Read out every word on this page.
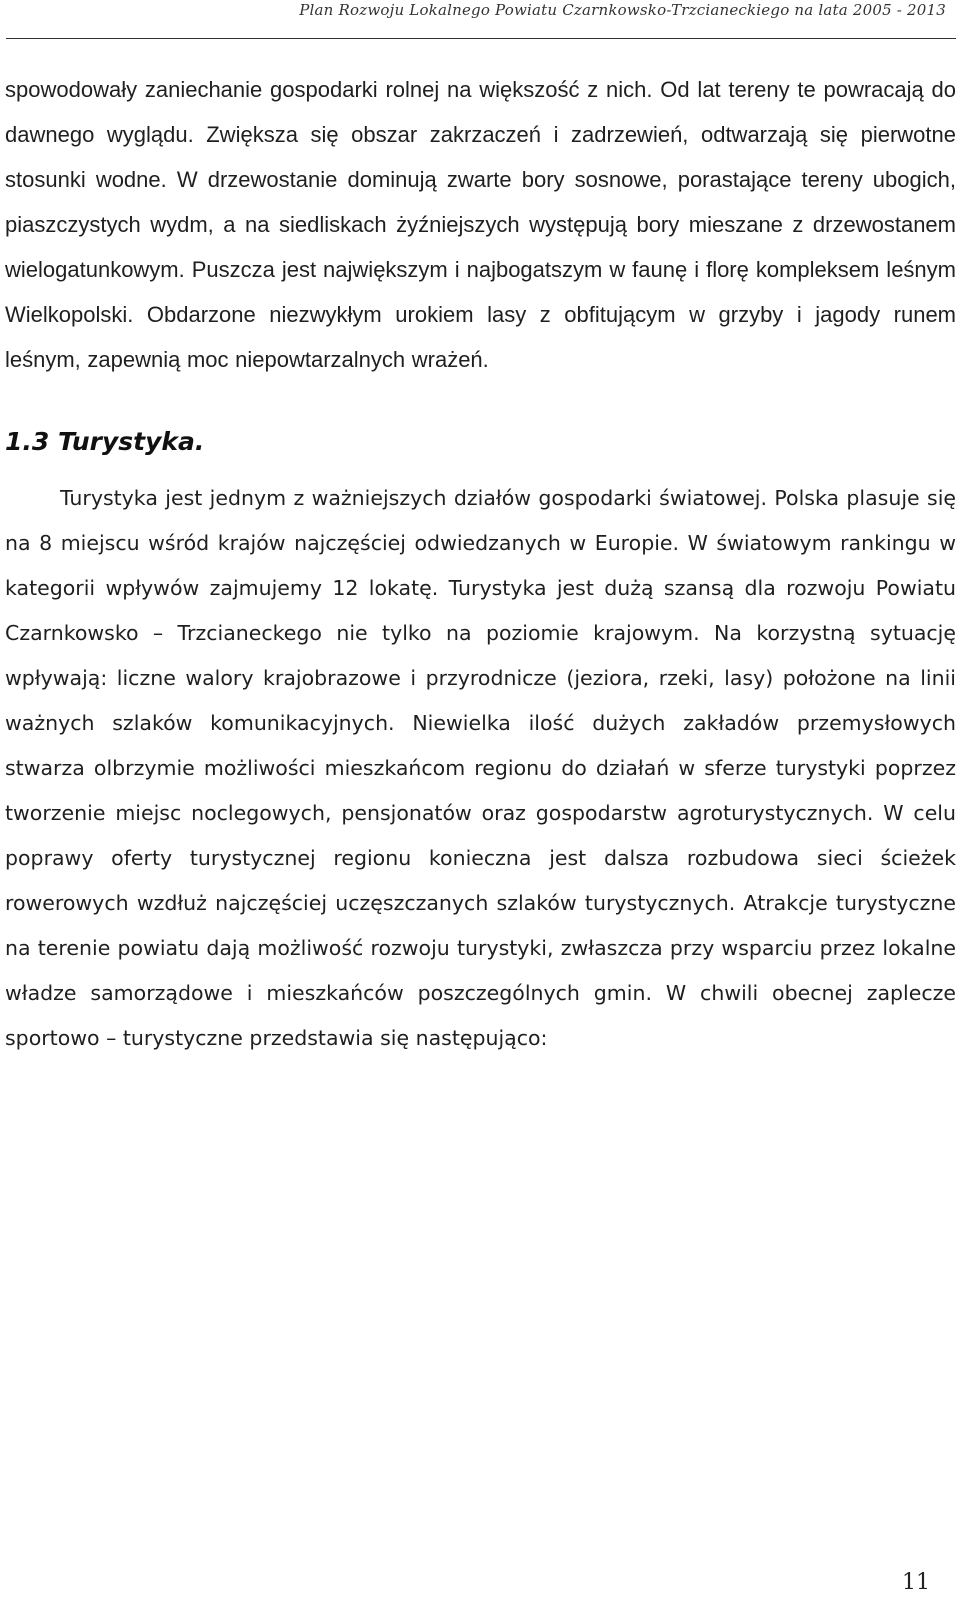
Plan Rozwoju Lokalnego Powiatu Czarnkowsko-Trzcianeckiego na lata 2005 - 2013

spowodowały zaniechanie gospodarki rolnej na większość z nich. Od lat tereny te powracają do dawnego wyglądu. Zwiększa się obszar zakrzaczeń i zadrzewień, odtwarzają się pierwotne stosunki wodne. W drzewostanie dominują zwarte bory sosnowe, porastające tereny ubogich, piaszczystych wydm, a na siedliskach żyźniejszych występują bory mieszane z drzewostanem wielogatunkowym. Puszcza jest największym i najbogatszym w faunę i florę kompleksem leśnym Wielkopolski. Obdarzone niezwykłym urokiem lasy z obfitującym w grzyby i jagody runem leśnym, zapewnią moc niepowtarzalnych wrażeń.

1.3 Turystyka.

Turystyka jest jednym z ważniejszych działów gospodarki światowej. Polska plasuje się na 8 miejscu wśród krajów najczęściej odwiedzanych w Europie. W światowym rankingu w kategorii wpływów zajmujemy 12 lokatę. Turystyka jest dużą szansą dla rozwoju Powiatu Czarnkowsko – Trzcianeckego nie tylko na poziomie krajowym. Na korzystną sytuację wpływają: liczne walory krajobrazowe i przyrodnicze (jeziora, rzeki, lasy) położone na linii ważnych szlaków komunikacyjnych. Niewielka ilość dużych zakładów przemysłowych stwarza olbrzymie możliwości mieszkańcom regionu do działań w sferze turystyki poprzez tworzenie miejsc noclegowych, pensjonatów oraz gospodarstw agroturystycznych. W celu poprawy oferty turystycznej regionu konieczna jest dalsza rozbudowa sieci ścieżek rowerowych wzdłuż najczęściej uczęszczanych szlaków turystycznych. Atrakcje turystyczne na terenie powiatu dają możliwość rozwoju turystyki, zwłaszcza przy wsparciu przez lokalne władze samorządowe i mieszkańców poszczególnych gmin. W chwili obecnej zaplecze sportowo – turystyczne przedstawia się następująco:

11
